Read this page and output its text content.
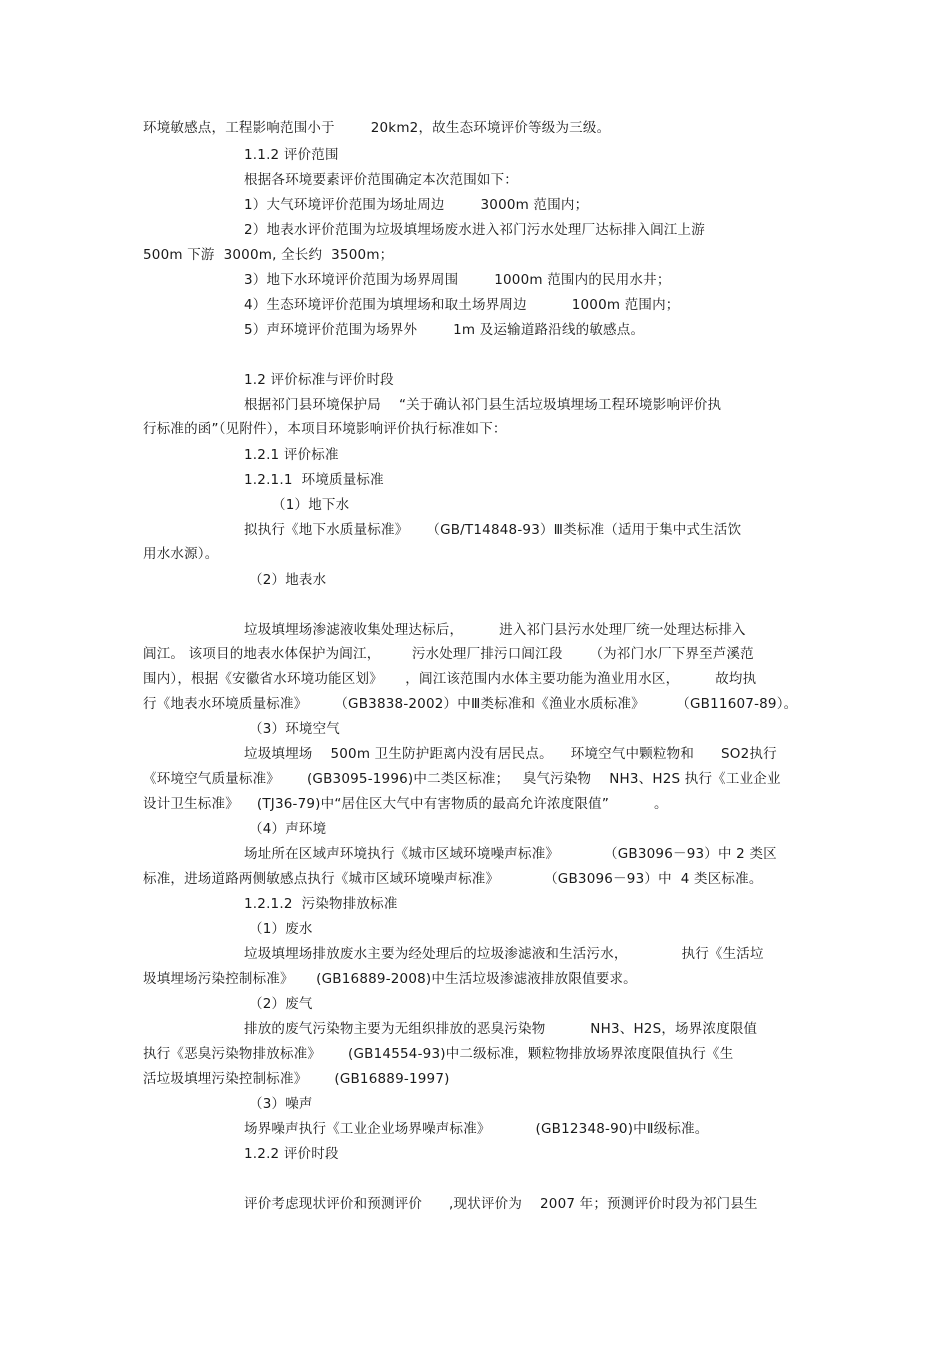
环境敏感点，工程影响范围小于        20km2，故生态环境评价等级为三级。
1.1.2 评价范围
根据各环境要素评价范围确定本次范围如下：
1）大气环境评价范围为场址周边        3000m 范围内；
2）地表水评价范围为垃圾填埋场废水进入祁门污水处理厂达标排入阊江上游
500m 下游  3000m, 全长约  3500m；
3）地下水环境评价范围为场界周围        1000m 范围内的民用水井；
4）生态环境评价范围为填埋场和取土场界周边          1000m 范围内；
5）声环境评价范围为场界外        1m 及运输道路沿线的敏感点。
1.2 评价标准与评价时段
根据祁门县环境保护局    “关于确认祁门县生活垃圾填埋场工程环境影响评价执
行标准的函”（见附件），本项目环境影响评价执行标准如下：
1.2.1 评价标准
1.2.1.1  环境质量标准
（1）地下水
拟执行《地下水质量标准》    （GB/T14848-93）Ⅲ类标准（适用于集中式生活饮
用水水源）。
（2）地表水
垃圾填埋场渗滤液收集处理达标后，        进入祁门县污水处理厂统一处理达标排入
阊江。 该项目的地表水体保护为阊江，       污水处理厂排污口阊江段      （为祁门水厂下界至芦溪范
围内），根据《安徽省水环境功能区划》     ，阊江该范围内水体主要功能为渔业用水区，        故均执
行《地表水环境质量标准》      （GB3838-2002）中Ⅲ类标准和《渔业水质标准》       （GB11607-89）。
（3）环境空气
垃圾填埋场    500m 卫生防护距离内没有居民点。    环境空气中颗粒物和      SO2执行
《环境空气质量标准》      (GB3095-1996)中二类区标准；   臭气污染物    NH3、H2S 执行《工业企业
设计卫生标准》    (TJ36-79)中“居住区大气中有害物质的最高允许浓度限值”          。
（4）声环境
场址所在区域声环境执行《城市区域环境噪声标准》          （GB3096－93）中 2 类区
标准，进场道路两侧敏感点执行《城市区域环境噪声标准》          （GB3096－93）中  4 类区标准。
1.2.1.2  污染物排放标准
（1）废水
垃圾填埋场排放废水主要为经处理后的垃圾渗滤液和生活污水，            执行《生活垃
圾填埋场污染控制标准》     (GB16889-2008)中生活垃圾渗滤液排放限值要求。
（2）废气
排放的废气污染物主要为无组织排放的恶臭污染物          NH3、H2S，场界浓度限值
执行《恶臭污染物排放标准》      (GB14554-93)中二级标准，颗粒物排放场界浓度限值执行《生
活垃圾填埋污染控制标准》      (GB16889-1997)
（3）噪声
场界噪声执行《工业企业场界噪声标准》          (GB12348-90)中Ⅱ级标准。
1.2.2 评价时段
评价考虑现状评价和预测评价      ,现状评价为    2007 年；预测评价时段为祁门县生
